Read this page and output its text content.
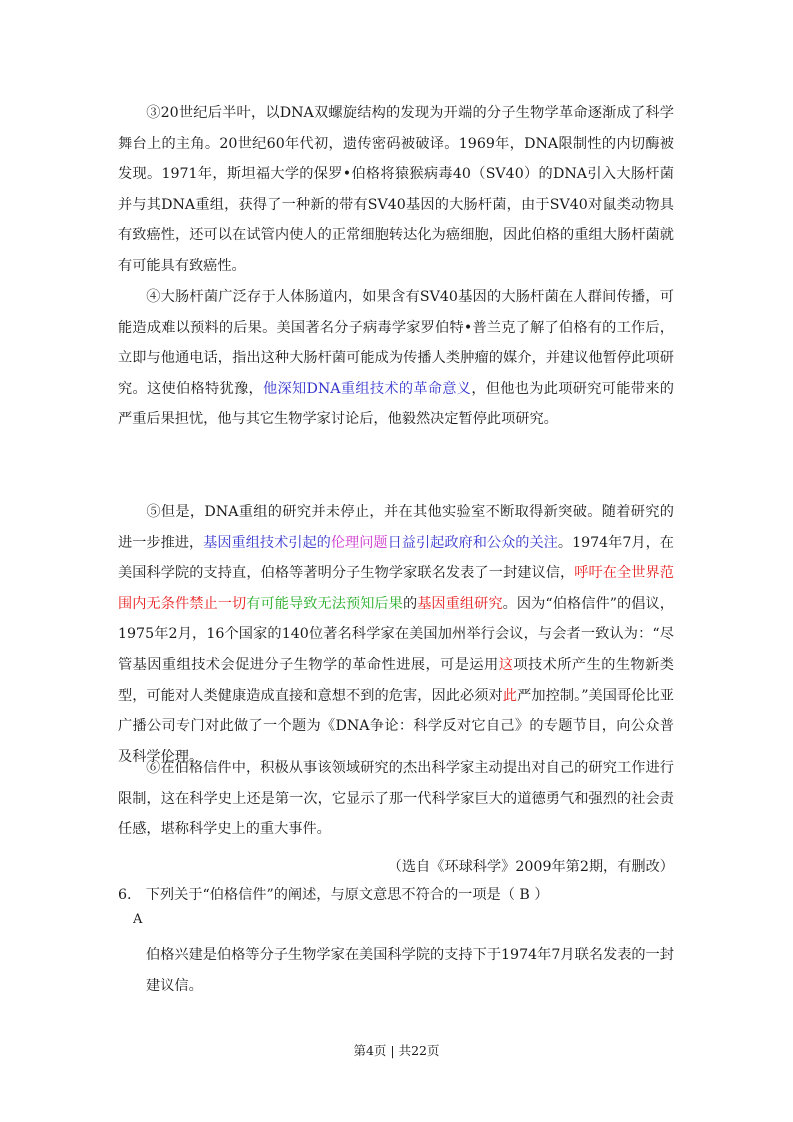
③20世纪后半叶，以DNA双螺旋结构的发现为开端的分子生物学革命逐渐成了科学舞台上的主角。20世纪60年代初，遗传密码被破译。1969年，DNA限制性的内切酶被发现。1971年，斯坦福大学的保罗•伯格将猿猴病毒40（SV40）的DNA引入大肠杆菌并与其DNA重组，获得了一种新的带有SV40基因的大肠杆菌，由于SV40对鼠类动物具有致癌性，还可以在试管内使人的正常细胞转达化为癌细胞，因此伯格的重组大肠杆菌就有可能具有致癌性。

④大肠杆菌广泛存于人体肠道内，如果含有SV40基因的大肠杆菌在人群间传播，可能造成难以预料的后果。美国著名分子病毒学家罗伯特•普兰克了解了伯格有的工作后，立即与他通电话，指出这种大肠杆菌可能成为传播人类肿瘤的媒介，并建议他暂停此项研究。这使伯格特犹豫，他深知DNA重组技术的革命意义，但他也为此项研究可能带来的严重后果担忧，他与其它生物学家讨论后，他毅然决定暂停此项研究。

⑤但是，DNA重组的研究并未停止，并在其他实验室不断取得新突破。随着研究的进一步推进，基因重组技术引起的伦理问题日益引起政府和公众的关注。1974年7月，在美国科学院的支持直，伯格等著明分子生物学家联名发表了一封建议信，呼吁在全世界范围内无条件禁止一切有可能导致无法预知后果的基因重组研究。因为“伯格信件”的倡议，1975年2月，16个国家的140位著名科学家在美国加州举行会议，与会者一致认为：“尽管基因重组技术会促进分子生物学的革命性进展，可是运用这项技术所产生的生物新类型，可能对人类健康造成直接和意想不到的危害，因此必须对此严加控制。”美国哥伦比亚广播公司专门对此做了一个题为《DNA争论：科学反对它自己》的专题节目，向公众普及科学伦理。

⑥在伯格信件中，积极从事该领域研究的杰出科学家主动提出对自己的研究工作进行限制，这在科学史上还是第一次，它显示了那一代科学家巨大的道德勇气和强烈的社会责任感，堪称科学史上的重大事件。

（选自《环球科学》2009年第2期，有删改）
6.　下列关于“伯格信件”的阐述，与原文意思不符合的一项是（ B ）
A

伯格兴建是伯格等分子生物学家在美国科学院的支持下于1974年7月联名发表的一封建议信。

第4页 | 共22页
